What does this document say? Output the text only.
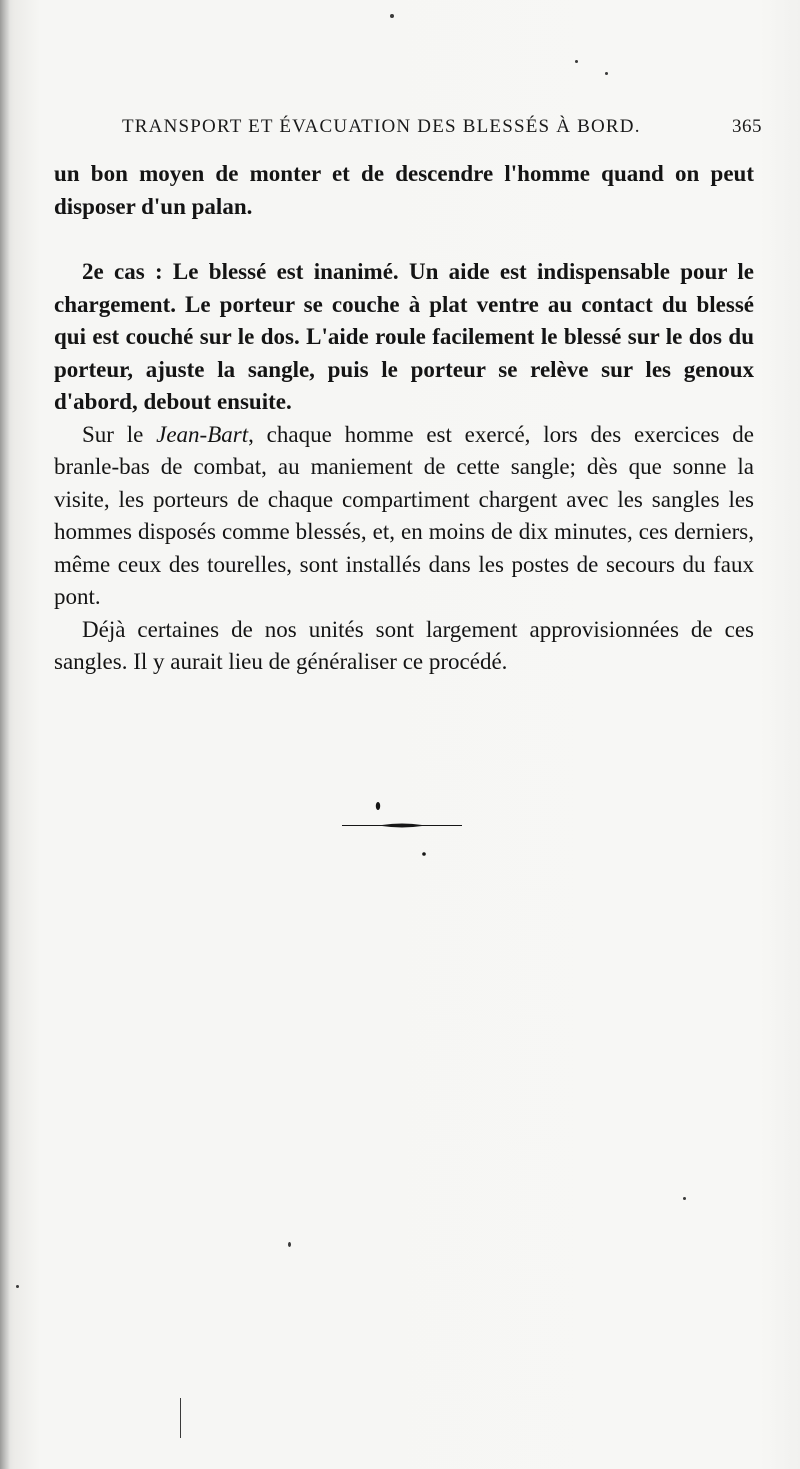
TRANSPORT ET ÉVACUATION DES BLESSÉS À BORD.	365

un bon moyen de monter et de descendre l'homme quand on peut disposer d'un palan.

2e cas : Le blessé est inanimé. Un aide est indispensable pour le chargement. Le porteur se couche à plat ventre au contact du blessé qui est couché sur le dos. L'aide roule facilement le blessé sur le dos du porteur, ajuste la sangle, puis le porteur se relève sur les genoux d'abord, debout ensuite.

Sur le Jean-Bart, chaque homme est exercé, lors des exercices de branle-bas de combat, au maniement de cette sangle; dès que sonne la visite, les porteurs de chaque compartiment chargent avec les sangles les hommes disposés comme blessés, et, en moins de dix minutes, ces derniers, même ceux des tourelles, sont installés dans les postes de secours du faux pont.

Déjà certaines de nos unités sont largement approvisionnées de ces sangles. Il y aurait lieu de généraliser ce procédé.
